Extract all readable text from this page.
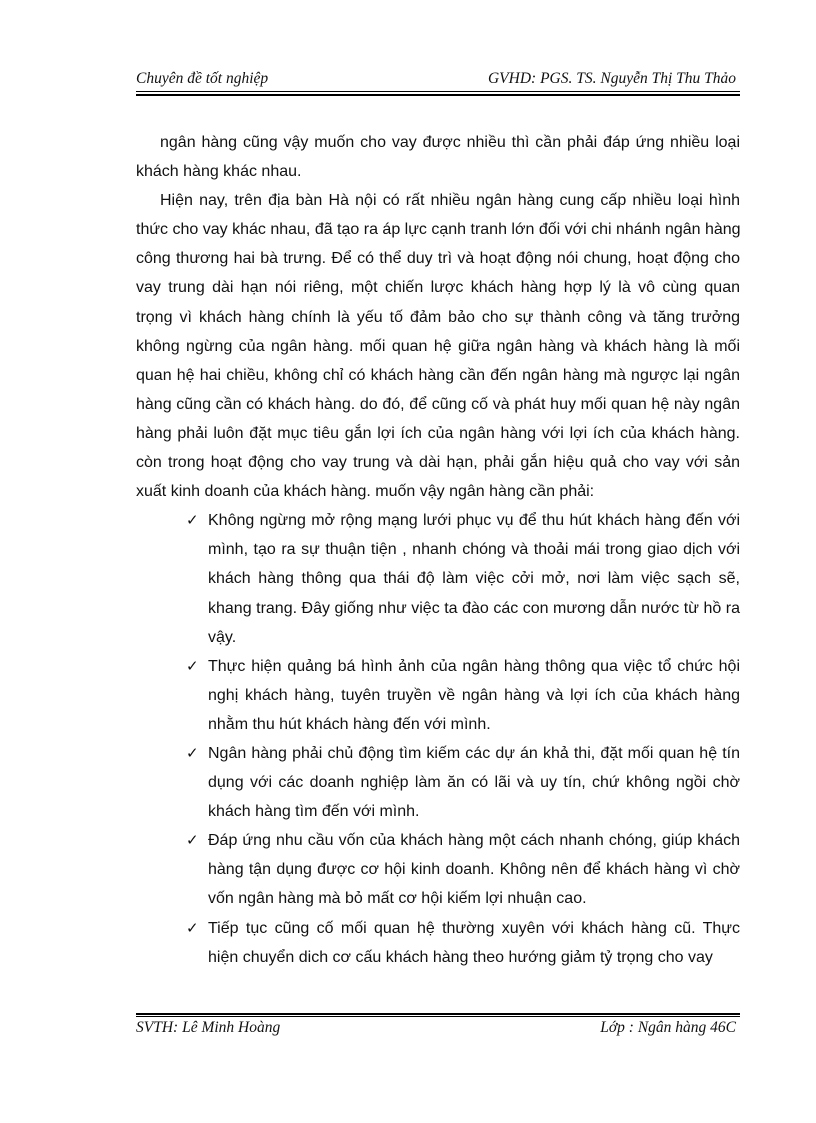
Chuyên đề tốt nghiệp	GVHD: PGS. TS. Nguyễn Thị Thu Thảo
ngân hàng cũng vậy muốn cho vay được nhiều thì cần phải đáp ứng nhiều loại
khách hàng khác nhau.
Hiện nay, trên địa bàn Hà nội có rất nhiều ngân hàng cung cấp nhiều loại hình
thức cho vay khác nhau, đã tạo ra áp lực cạnh tranh lớn đối với chi nhánh ngân hàng
công thương hai bà trưng. Để có thể duy trì và hoạt động nói chung, hoạt động cho
vay trung dài hạn nói riêng, một chiến lược khách hàng hợp lý là vô cùng quan
trọng vì khách hàng chính là yếu tố đảm bảo cho sự thành công và tăng trưởng
không ngừng của ngân hàng. mối quan hệ giữa ngân hàng và khách hàng là mối
quan hệ hai chiều, không chỉ có khách hàng cần đến ngân hàng mà ngược lại ngân
hàng cũng cần có khách hàng. do đó, để cũng cố và phát huy mối quan hệ này ngân
hàng phải luôn đặt mục tiêu gắn lợi ích của ngân hàng với lợi ích của khách hàng.
còn trong hoạt động cho vay trung và dài hạn, phải gắn hiệu quả cho vay với sản
xuất kinh doanh của khách hàng. muốn vậy ngân hàng cần phải:
✓ Không ngừng mở rộng mạng lưới phục vụ để thu hút khách hàng đến với
mình, tạo ra sự thuận tiện , nhanh chóng và thoải mái trong giao dịch với
khách hàng thông qua thái độ làm việc cởi mở, nơi làm việc sạch sẽ,
khang trang. Đây giống như việc ta đào các con mương dẫn nước từ hồ ra
vậy.
✓ Thực hiện quảng bá hình ảnh của ngân hàng thông qua việc tổ chức hội
nghị khách hàng, tuyên truyền về ngân hàng và lợi ích của khách hàng
nhằm thu hút khách hàng đến với mình.
✓ Ngân hàng phải chủ động tìm kiếm các dự án khả thi, đặt mối quan hệ tín
dụng với các doanh nghiệp làm ăn có lãi và uy tín, chứ không ngồi chờ
khách hàng tìm đến với mình.
✓ Đáp ứng nhu cầu vốn của khách hàng một cách nhanh chóng, giúp khách
hàng tận dụng được cơ hội kinh doanh. Không nên để khách hàng vì chờ
vốn ngân hàng mà bỏ mất cơ hội kiếm lợi nhuận cao.
✓ Tiếp tục cũng cố mối quan hệ thường xuyên với khách hàng cũ. Thực
hiện chuyển dich cơ cấu khách hàng theo hướng giảm tỷ trọng cho vay
SVTH: Lê Minh Hoàng	Lớp : Ngân hàng 46C
